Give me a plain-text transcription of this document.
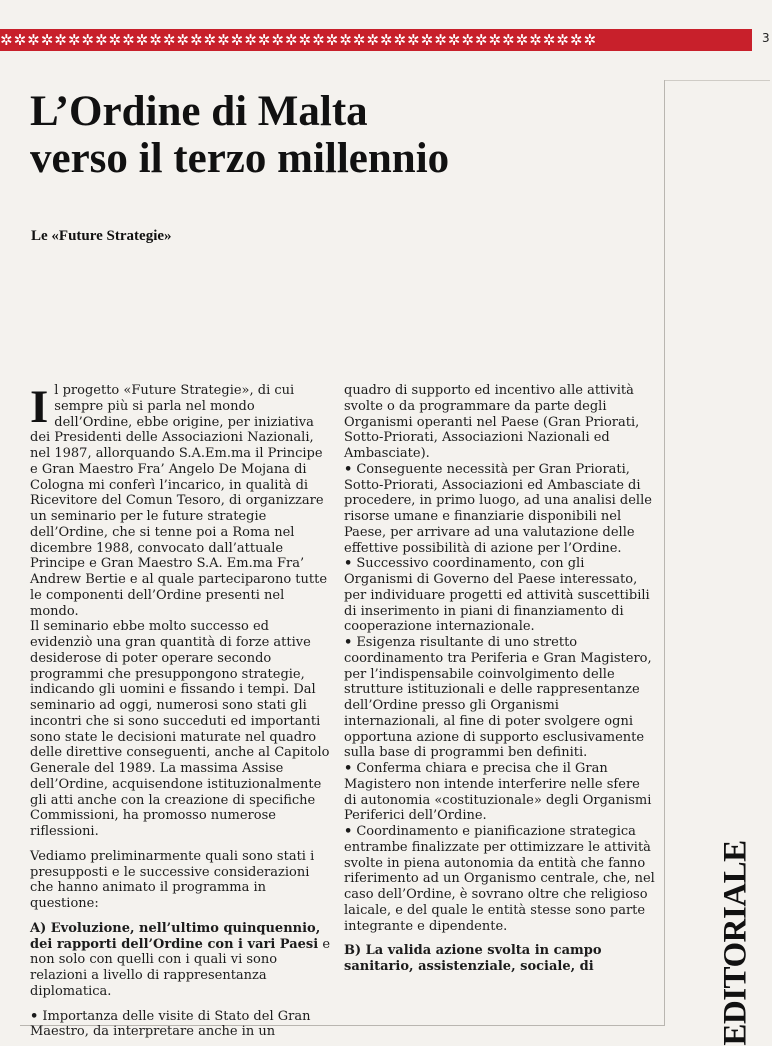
✲✲✲✲✲✲✲✲✲✲✲✲✲✲✲✲✲✲✲✲✲✲✲✲✲✲✲✲✲✲✲✲✲✲✲✲✲✲✲✲✲✲✲✲	3
L’Ordine di Malta
verso il terzo millennio
Le «Future Strategie»

Il progetto «Future Strategie», di cui sempre più si parla nel mondo dell’Ordine, ebbe origine, per iniziativa dei Presidenti delle Associazioni Nazionali, nel 1987, allorquando S.A.Em.ma il Principe e Gran Maestro Fra’ Angelo De Mojana di Cologna mi conferì l’incarico, in qualità di Ricevitore del Comun Tesoro, di organizzare un seminario per le future strategie dell’Ordine, che si tenne poi a Roma nel dicembre 1988, convocato dall’attuale Principe e Gran Maestro S.A. Em.ma Fra’ Andrew Bertie e al quale parteciparono tutte le componenti dell’Ordine presenti nel mondo.

Il seminario ebbe molto successo ed evidenziò una gran quantità di forze attive desiderose di poter operare secondo programmi che presuppongono strategie, indicando gli uomini e fissando i tempi. Dal seminario ad oggi, numerosi sono stati gli incontri che si sono succeduti ed importanti sono state le decisioni maturate nel quadro delle direttive conseguenti, anche al Capitolo Generale del 1989. La massima Assise dell’Ordine, acquisendone istituzionalmente gli atti anche con la creazione di specifiche Commissioni, ha promosso numerose riflessioni.

Vediamo preliminarmente quali sono stati i presupposti e le successive considerazioni che hanno animato il programma in questione:

A) Evoluzione, nell’ultimo quinquennio, dei rapporti dell’Ordine con i vari Paesi e non solo con quelli con i quali vi sono relazioni a livello di rappresentanza diplomatica.

• Importanza delle visite di Stato del Gran Maestro, da interpretare anche in un

quadro di supporto ed incentivo alle attività svolte o da programmare da parte degli Organismi operanti nel Paese (Gran Priorati, Sotto-Priorati, Associazioni Nazionali ed Ambasciate).

• Conseguente necessità per Gran Priorati, Sotto-Priorati, Associazioni ed Ambasciate di procedere, in primo luogo, ad una analisi delle risorse umane e finanziarie disponibili nel Paese, per arrivare ad una valutazione delle effettive possibilità di azione per l’Ordine.

• Successivo coordinamento, con gli Organismi di Governo del Paese interessato, per individuare progetti ed attività suscettibili di inserimento in piani di finanziamento di cooperazione internazionale.

• Esigenza risultante di uno stretto coordinamento tra Periferia e Gran Magistero, per l’indispensabile coinvolgimento delle strutture istituzionali e delle rappresentanze dell’Ordine presso gli Organismi internazionali, al fine di poter svolgere ogni opportuna azione di supporto esclusivamente sulla base di programmi ben definiti.

• Conferma chiara e precisa che il Gran Magistero non intende interferire nelle sfere di autonomia «costituzionale» degli Organismi Periferici dell’Ordine.

• Coordinamento e pianificazione strategica entrambe finalizzate per ottimizzare le attività svolte in piena autonomia da entità che fanno riferimento ad un Organismo centrale, che, nel caso dell’Ordine, è sovrano oltre che religioso laicale, e del quale le entità stesse sono parte integrante e dipendente.

B) La valida azione svolta in campo sanitario, assistenziale, sociale, di	EDITORIALE
